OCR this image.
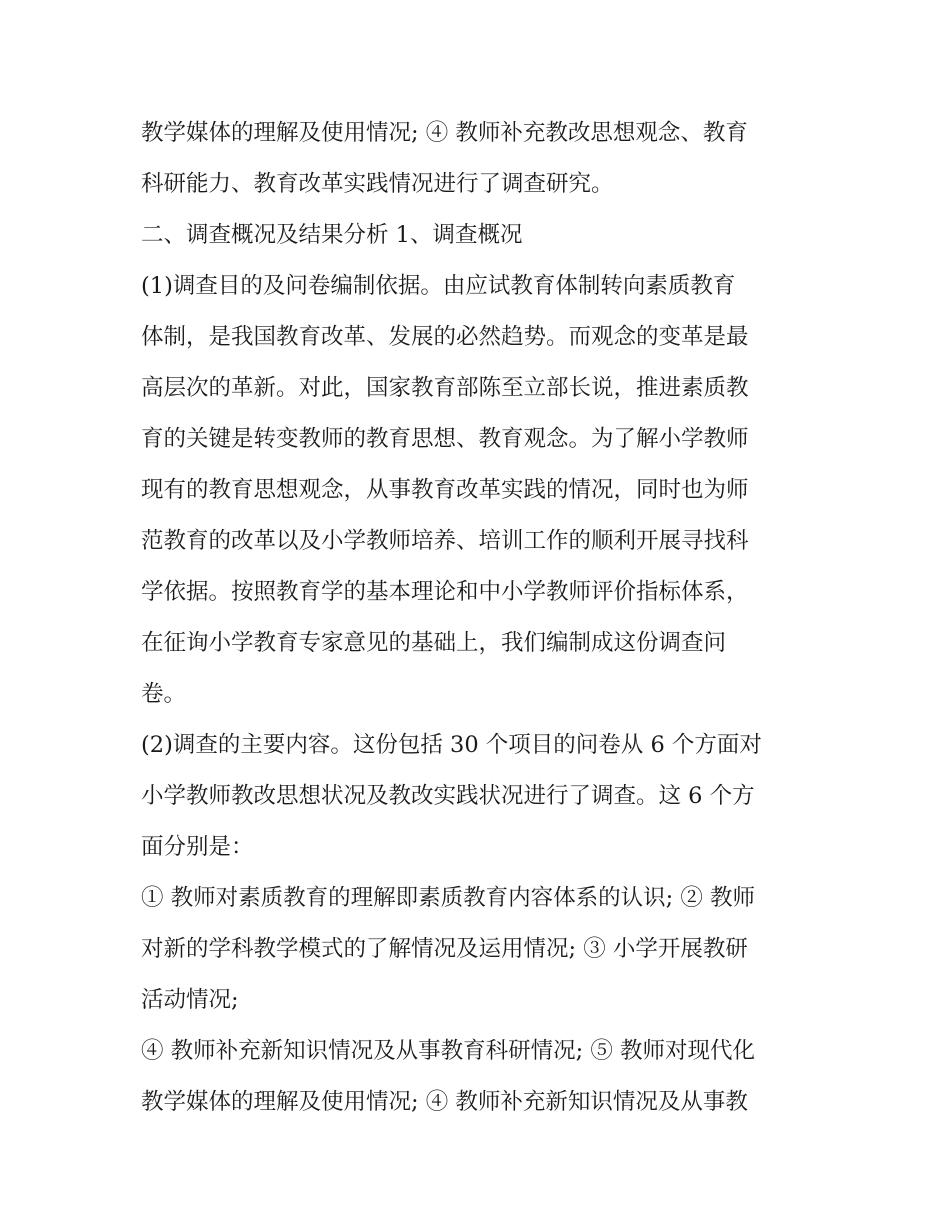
教学媒体的理解及使用情况; ④ 教师补充教改思想观念、教育
科研能力、教育改革实践情况进行了调查研究。
二、调查概况及结果分析 1、调查概况
(1)调查目的及问卷编制依据。由应试教育体制转向素质教育
体制，是我国教育改革、发展的必然趋势。而观念的变革是最
高层次的革新。对此，国家教育部陈至立部长说，推进素质教
育的关键是转变教师的教育思想、教育观念。为了解小学教师
现有的教育思想观念，从事教育改革实践的情况，同时也为师
范教育的改革以及小学教师培养、培训工作的顺利开展寻找科
学依据。按照教育学的基本理论和中小学教师评价指标体系，
在征询小学教育专家意见的基础上，我们编制成这份调查问
卷。
(2)调查的主要内容。这份包括 30 个项目的问卷从 6 个方面对
小学教师教改思想状况及教改实践状况进行了调查。这 6 个方
面分别是：
① 教师对素质教育的理解即素质教育内容体系的认识; ② 教师
对新的学科教学模式的了解情况及运用情况; ③ 小学开展教研
活动情况;
④ 教师补充新知识情况及从事教育科研情况; ⑤ 教师对现代化
教学媒体的理解及使用情况; ④ 教师补充新知识情况及从事教
